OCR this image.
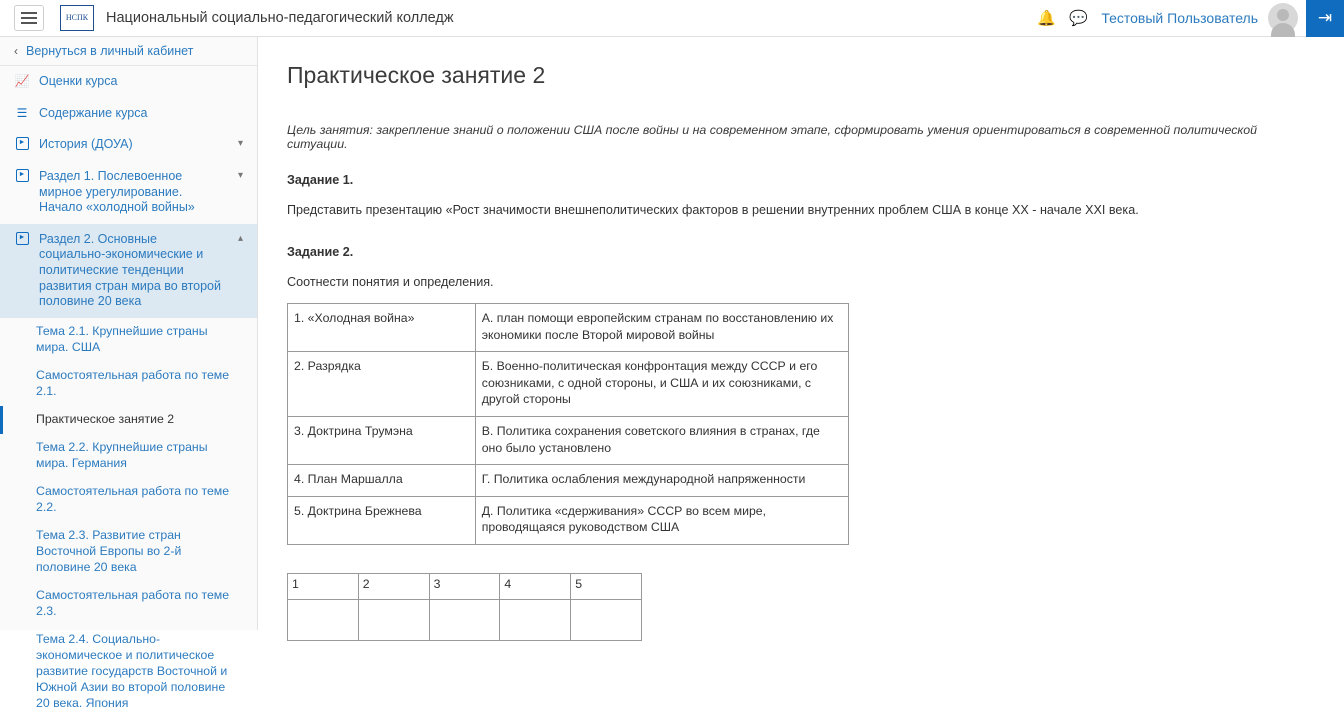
НСПК Национальный социально-педагогический колледж	🔔 💬 Тестовый Пользователь	⇥
‹ Вернуться в личный кабинет
📈 Оценки курса
☰ Содержание курса
► История (ДОУА)	▾
► Раздел 1. Послевоенное мирное урегулирование. Начало «холодной войны»
▾
► Раздел 2. Основные социально-экономические и политические тенденции развития стран мира во второй половине 20 века
▴
Тема 2.1. Крупнейшие страны мира. США
Самостоятельная работа по теме 2.1.
Практическое занятие 2
Тема 2.2. Крупнейшие страны мира. Германия
Самостоятельная работа по теме 2.2.
Тема 2.3. Развитие стран Восточной Европы во 2-й половине 20 века
Самостоятельная работа по теме 2.3.
Тема 2.4. Социально-экономическое и политическое развитие государств Восточной и Южной Азии во второй половине 20 века. Япония
Практическое занятие 2
Цель занятия: закрепление знаний о положении США после войны и на современном этапе, сформировать умения ориентироваться в современной политической ситуации.
Задание 1.
Представить презентацию «Рост значимости внешнеполитических факторов в решении внутренних проблем США в конце XX - начале XXI века.
Задание 2.
Соотнести понятия и определения.
1. «Холодная война»	А. план помощи европейским странам по восстановлению их экономики после Второй мировой войны
2. Разрядка	Б. Военно-политическая конфронтация между СССР и его союзниками, с одной стороны, и США и их союзниками, с другой стороны
3. Доктрина Трумэна	В. Политика сохранения советского влияния в странах, где оно было установлено
4. План Маршалла	Г. Политика ослабления международной напряженности
5. Доктрина Брежнева	Д. Политика «сдерживания» СССР во всем мире, проводящаяся руководством США
1	2	3	4	5
